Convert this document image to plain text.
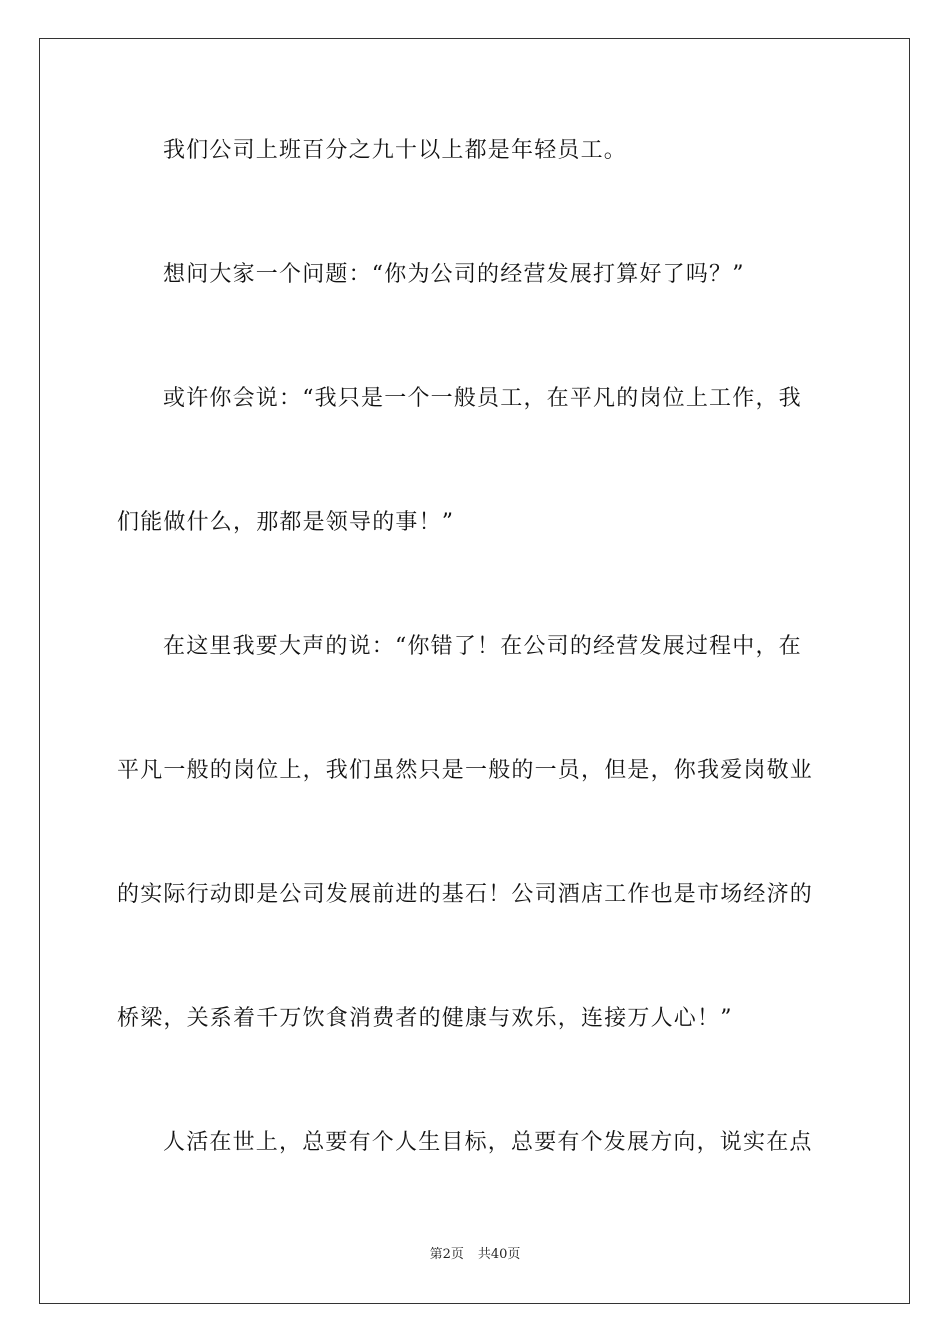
我们公司上班百分之九十以上都是年轻员工。
想问大家一个问题：“你为公司的经营发展打算好了吗？”
或许你会说：“我只是一个一般员工，在平凡的岗位上工作，我
们能做什么，那都是领导的事！”
在这里我要大声的说：“你错了！在公司的经营发展过程中，在
平凡一般的岗位上，我们虽然只是一般的一员，但是，你我爱岗敬业
的实际行动即是公司发展前进的基石！公司酒店工作也是市场经济的
桥梁，关系着千万饮食消费者的健康与欢乐，连接万人心！”
人活在世上，总要有个人生目标，总要有个发展方向，说实在点
第2页 共40页
